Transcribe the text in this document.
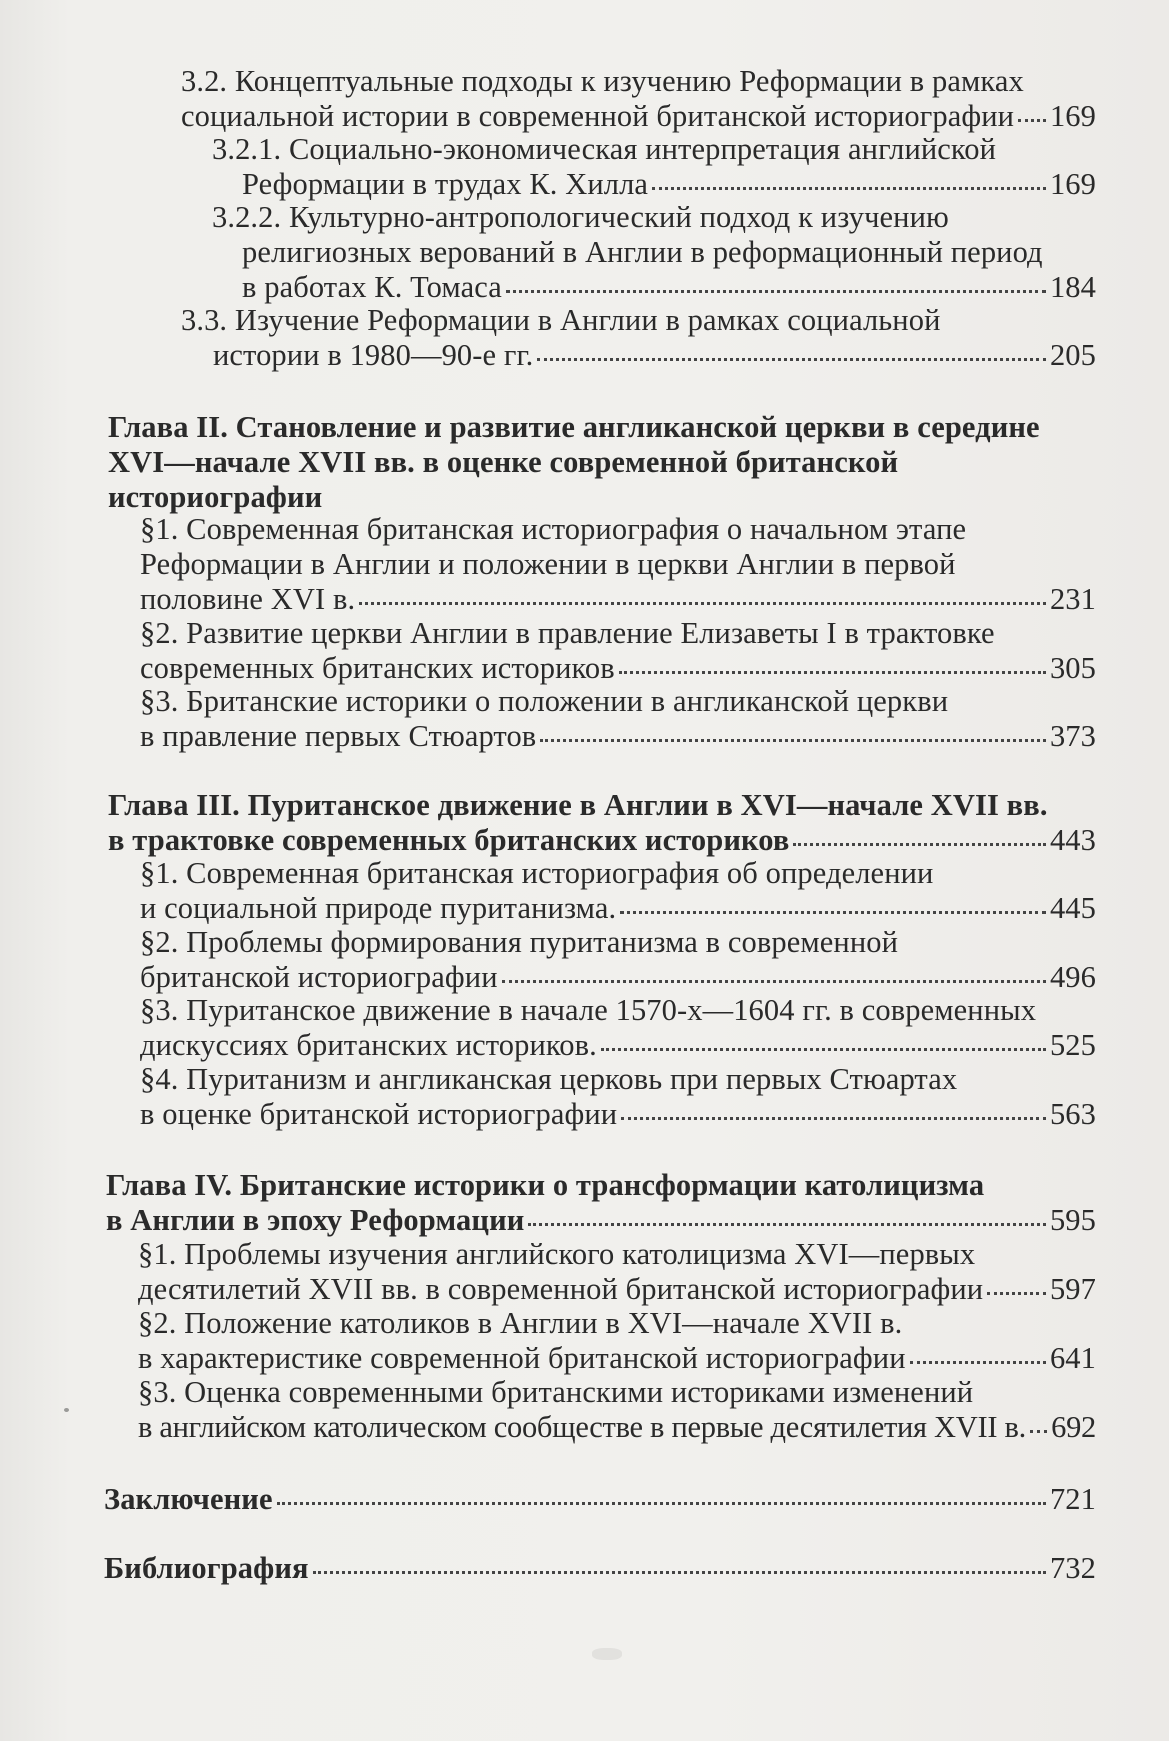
3.2. Концептуальные подходы к изучению Реформации в рамках
социальной истории в современной британской историографии 169
3.2.1. Социально-экономическая интерпретация английской
Реформации в трудах К. Хилла	169
3.2.2. Культурно-антропологический подход к изучению
религиозных верований в Англии в реформационный период
в работах К. Томаса	184
3.3. Изучение Реформации в Англии в рамках социальной
истории в 1980—90-е гг.	205
Глава II. Становление и развитие англиканской церкви в середине
XVI—начале XVII вв. в оценке современной британской
историографии
§1. Современная британская историография о начальном этапе
Реформации в Англии и положении в церкви Англии в первой
половине XVI в.	231
§2. Развитие церкви Англии в правление Елизаветы I в трактовке
современных британских историков	305
§3. Британские историки о положении в англиканской церкви
в правление первых Стюартов	373
Глава III. Пуританское движение в Англии в XVI—начале XVII вв.
в трактовке современных британских историков	443
§1. Современная британская историография об определении
и социальной природе пуританизма.	445
§2. Проблемы формирования пуританизма в современной
британской историографии	496
§3. Пуританское движение в начале 1570-х—1604 гг. в современных
дискуссиях британских историков.	525
§4. Пуританизм и англиканская церковь при первых Стюартах
в оценке британской историографии	563
Глава IV. Британские историки о трансформации католицизма
в Англии в эпоху Реформации	595
§1. Проблемы изучения английского католицизма XVI—первых
десятилетий XVII вв. в современной британской историографии 597
§2. Положение католиков в Англии в XVI—начале XVII в.
в характеристике современной британской историографии	641
§3. Оценка современными британскими историками изменений
в английском католическом сообществе в первые десятилетия XVII в. 692
Заключение	721
Библиография	732
